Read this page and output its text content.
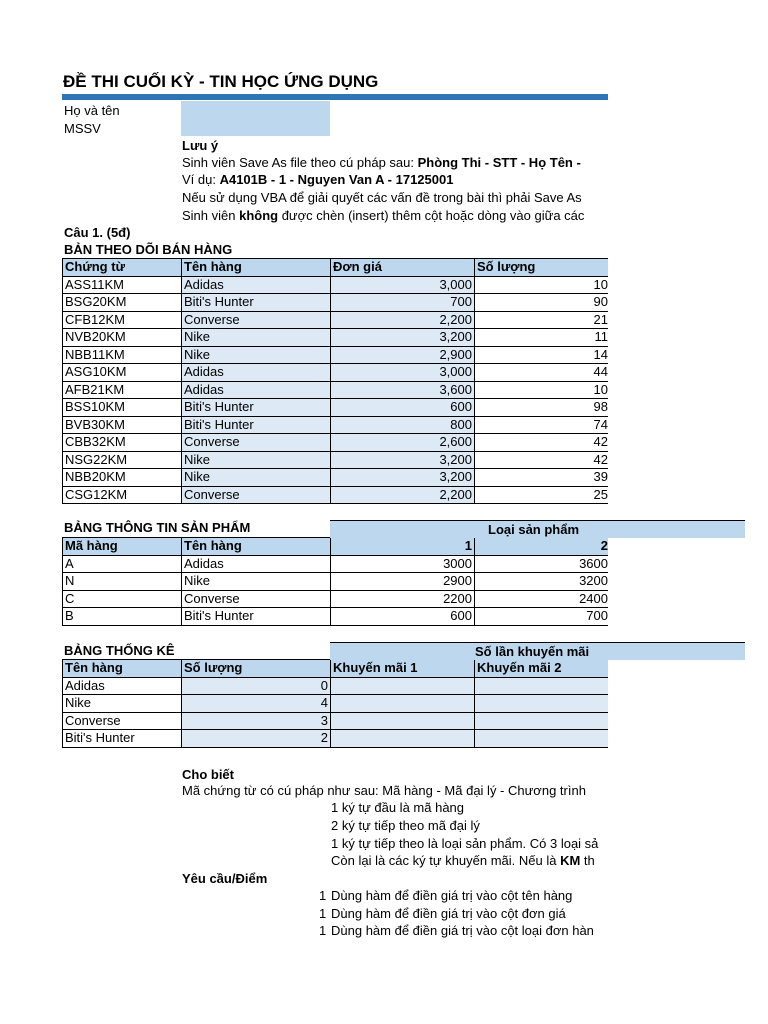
ĐỀ THI CUỐI KỲ - TIN HỌC ỨNG DỤNG
Họ và tên
MSSV
Lưu ý
Sinh viên Save As file theo cú pháp sau: Phòng Thi - STT - Họ Tên -
Ví dụ: A4101B - 1 - Nguyen Van A - 17125001
Nếu sử dụng VBA để giải quyết các vấn đề trong bài thì phải Save As
Sinh viên không được chèn (insert) thêm cột hoặc dòng vào giữa các
Câu 1. (5đ)
BẢN THEO DÕI BÁN HÀNG
Chứng từ	Tên hàng	Đơn giá	Số lượng
ASS11KM	Adidas	3,000	10
BSG20KM	Biti's Hunter	700	90
CFB12KM	Converse	2,200	21
NVB20KM	Nike	3,200	11
NBB11KM	Nike	2,900	14
ASG10KM	Adidas	3,000	44
AFB21KM	Adidas	3,600	10
BSS10KM	Biti's Hunter	600	98
BVB30KM	Biti's Hunter	800	74
CBB32KM	Converse	2,600	42
NSG22KM	Nike	3,200	42
NBB20KM	Nike	3,200	39
CSG12KM	Converse	2,200	25
BẢNG THÔNG TIN SẢN PHẨM
Mã hàng	Tên hàng	1	2
A	Adidas	3000	3600
N	Nike	2900	3200
C	Converse	2200	2400
B	Biti's Hunter	600	700
BẢNG THỐNG KÊ
Tên hàng	Số lượng	Khuyến mãi 1	Khuyến mãi 2
Adidas	0		
Nike	4		
Converse	3		
Biti's Hunter	2		
Cho biết
Mã chứng từ có cú pháp như sau: Mã hàng - Mã đại lý - Chương trình
1 ký tự đầu là mã hàng
2 ký tự tiếp theo mã đại lý
1 ký tự tiếp theo là loại sản phẩm. Có 3 loại sả
Còn lại là các ký tự khuyến mãi. Nếu là KM th
Yêu cầu/Điểm
1 Dùng hàm để điền giá trị vào cột tên hàng
1 Dùng hàm để điền giá trị vào cột đơn giá
1 Dùng hàm để điền giá trị vào cột loại đơn hàn
Loại sản phẩm
Số lần khuyến mãi
